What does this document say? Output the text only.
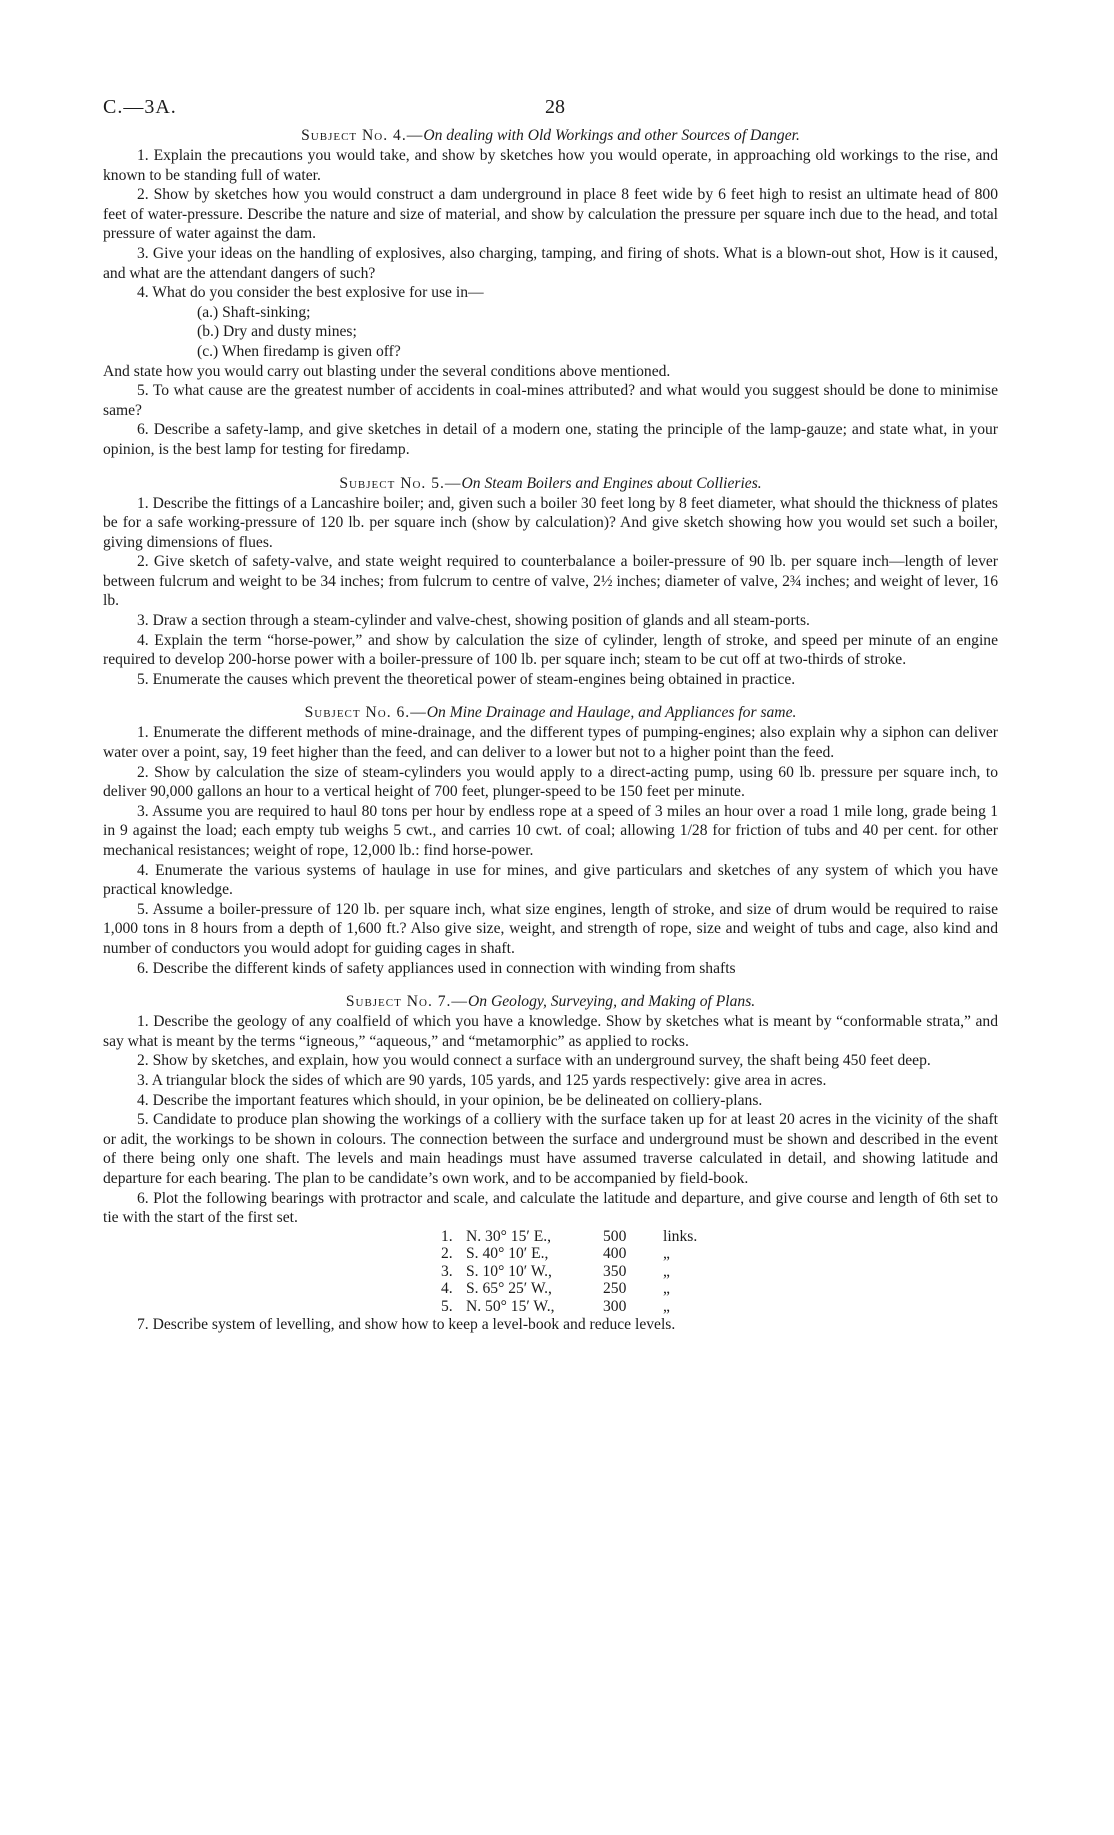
C.—3A.	28
Subject No. 4.—On dealing with Old Workings and other Sources of Danger.

1. Explain the precautions you would take, and show by sketches how you would operate, in approaching old workings to the rise, and known to be standing full of water.

2. Show by sketches how you would construct a dam underground in place 8 feet wide by 6 feet high to resist an ultimate head of 800 feet of water-pressure. Describe the nature and size of material, and show by calculation the pressure per square inch due to the head, and total pressure of water against the dam.

3. Give your ideas on the handling of explosives, also charging, tamping, and firing of shots. What is a blown-out shot, How is it caused, and what are the attendant dangers of such?

4. What do you consider the best explosive for use in—

(a.) Shaft-sinking;

(b.) Dry and dusty mines;

(c.) When firedamp is given off?

And state how you would carry out blasting under the several conditions above mentioned.

5. To what cause are the greatest number of accidents in coal-mines attributed? and what would you suggest should be done to minimise same?

6. Describe a safety-lamp, and give sketches in detail of a modern one, stating the principle of the lamp-gauze; and state what, in your opinion, is the best lamp for testing for firedamp.

Subject No. 5.—On Steam Boilers and Engines about Collieries.

1. Describe the fittings of a Lancashire boiler; and, given such a boiler 30 feet long by 8 feet diameter, what should the thickness of plates be for a safe working-pressure of 120 lb. per square inch (show by calculation)? And give sketch showing how you would set such a boiler, giving dimensions of flues.

2. Give sketch of safety-valve, and state weight required to counterbalance a boiler-pressure of 90 lb. per square inch—length of lever between fulcrum and weight to be 34 inches; from fulcrum to centre of valve, 2½ inches; diameter of valve, 2¾ inches; and weight of lever, 16 lb.

3. Draw a section through a steam-cylinder and valve-chest, showing position of glands and all steam-ports.

4. Explain the term “horse-power,” and show by calculation the size of cylinder, length of stroke, and speed per minute of an engine required to develop 200-horse power with a boiler-pressure of 100 lb. per square inch; steam to be cut off at two-thirds of stroke.

5. Enumerate the causes which prevent the theoretical power of steam-engines being obtained in practice.

Subject No. 6.—On Mine Drainage and Haulage, and Appliances for same.

1. Enumerate the different methods of mine-drainage, and the different types of pumping-engines; also explain why a siphon can deliver water over a point, say, 19 feet higher than the feed, and can deliver to a lower but not to a higher point than the feed.

2. Show by calculation the size of steam-cylinders you would apply to a direct-acting pump, using 60 lb. pressure per square inch, to deliver 90,000 gallons an hour to a vertical height of 700 feet, plunger-speed to be 150 feet per minute.

3. Assume you are required to haul 80 tons per hour by endless rope at a speed of 3 miles an hour over a road 1 mile long, grade being 1 in 9 against the load; each empty tub weighs 5 cwt., and carries 10 cwt. of coal; allowing 1/28 for friction of tubs and 40 per cent. for other mechanical resistances; weight of rope, 12,000 lb.: find horse-power.

4. Enumerate the various systems of haulage in use for mines, and give particulars and sketches of any system of which you have practical knowledge.

5. Assume a boiler-pressure of 120 lb. per square inch, what size engines, length of stroke, and size of drum would be required to raise 1,000 tons in 8 hours from a depth of 1,600 ft.? Also give size, weight, and strength of rope, size and weight of tubs and cage, also kind and number of conductors you would adopt for guiding cages in shaft.

6. Describe the different kinds of safety appliances used in connection with winding from shafts

Subject No. 7.—On Geology, Surveying, and Making of Plans.

1. Describe the geology of any coalfield of which you have a knowledge. Show by sketches what is meant by “conformable strata,” and say what is meant by the terms “igneous,” “aqueous,” and “metamorphic” as applied to rocks.

2. Show by sketches, and explain, how you would connect a surface with an underground survey, the shaft being 450 feet deep.

3. A triangular block the sides of which are 90 yards, 105 yards, and 125 yards respectively: give area in acres.

4. Describe the important features which should, in your opinion, be be delineated on colliery-plans.

5. Candidate to produce plan showing the workings of a colliery with the surface taken up for at least 20 acres in the vicinity of the shaft or adit, the workings to be shown in colours. The connection between the surface and underground must be shown and described in the event of there being only one shaft. The levels and main headings must have assumed traverse calculated in detail, and showing latitude and departure for each bearing. The plan to be candidate’s own work, and to be accompanied by field-book.

6. Plot the following bearings with protractor and scale, and calculate the latitude and departure, and give course and length of 6th set to tie with the start of the first set.

1. N. 30° 15′ E.,	500 links.
2. S. 40° 10′ E.,	400 „
3. S. 10° 10′ W.,	350 „
4. S. 65° 25′ W.,	250 „
5. N. 50° 15′ W.,	300 „

7. Describe system of levelling, and show how to keep a level-book and reduce levels.
